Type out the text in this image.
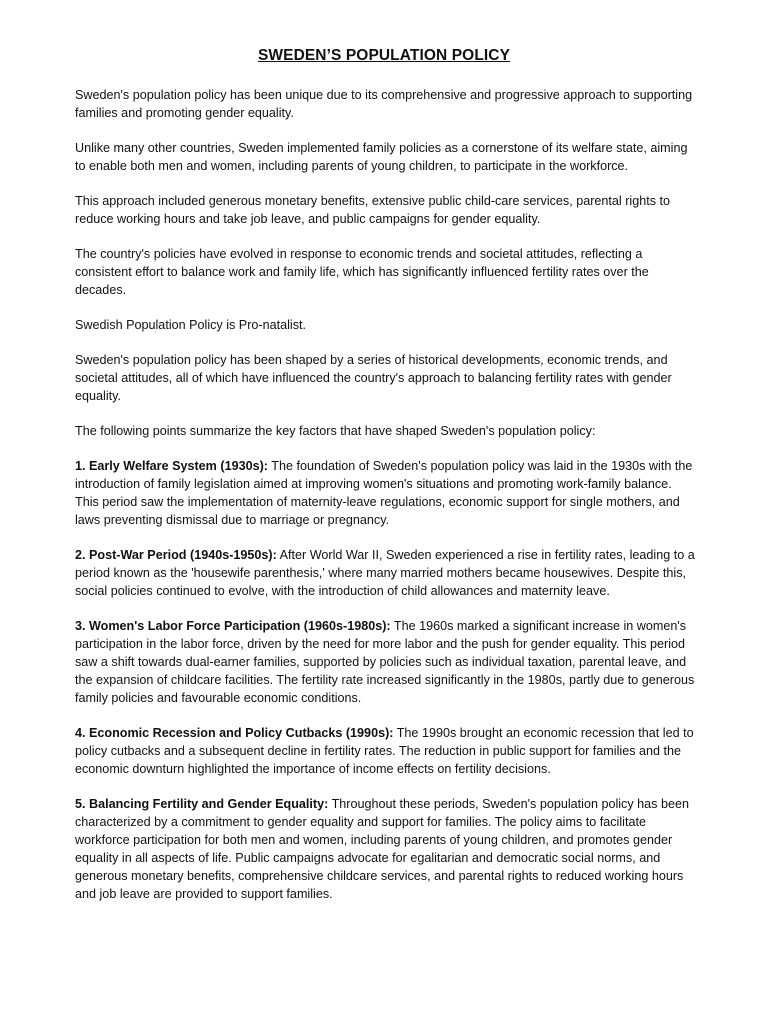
SWEDEN’S POPULATION POLICY

Sweden's population policy has been unique due to its comprehensive and progressive approach to supporting families and promoting gender equality.

Unlike many other countries, Sweden implemented family policies as a cornerstone of its welfare state, aiming to enable both men and women, including parents of young children, to participate in the workforce.

This approach included generous monetary benefits, extensive public child-care services, parental rights to reduce working hours and take job leave, and public campaigns for gender equality.

The country's policies have evolved in response to economic trends and societal attitudes, reflecting a consistent effort to balance work and family life, which has significantly influenced fertility rates over the decades.

Swedish Population Policy is Pro-natalist.

Sweden's population policy has been shaped by a series of historical developments, economic trends, and societal attitudes, all of which have influenced the country's approach to balancing fertility rates with gender equality.

The following points summarize the key factors that have shaped Sweden's population policy:

1. Early Welfare System (1930s): The foundation of Sweden's population policy was laid in the 1930s with the introduction of family legislation aimed at improving women's situations and promoting work-family balance. This period saw the implementation of maternity-leave regulations, economic support for single mothers, and laws preventing dismissal due to marriage or pregnancy.

2. Post-War Period (1940s-1950s): After World War II, Sweden experienced a rise in fertility rates, leading to a period known as the 'housewife parenthesis,' where many married mothers became housewives. Despite this, social policies continued to evolve, with the introduction of child allowances and maternity leave.

3. Women's Labor Force Participation (1960s-1980s): The 1960s marked a significant increase in women's participation in the labor force, driven by the need for more labor and the push for gender equality. This period saw a shift towards dual-earner families, supported by policies such as individual taxation, parental leave, and the expansion of childcare facilities. The fertility rate increased significantly in the 1980s, partly due to generous family policies and favourable economic conditions.

4. Economic Recession and Policy Cutbacks (1990s): The 1990s brought an economic recession that led to policy cutbacks and a subsequent decline in fertility rates. The reduction in public support for families and the economic downturn highlighted the importance of income effects on fertility decisions.

5. Balancing Fertility and Gender Equality: Throughout these periods, Sweden's population policy has been characterized by a commitment to gender equality and support for families. The policy aims to facilitate workforce participation for both men and women, including parents of young children, and promotes gender equality in all aspects of life. Public campaigns advocate for egalitarian and democratic social norms, and generous monetary benefits, comprehensive childcare services, and parental rights to reduced working hours and job leave are provided to support families.
